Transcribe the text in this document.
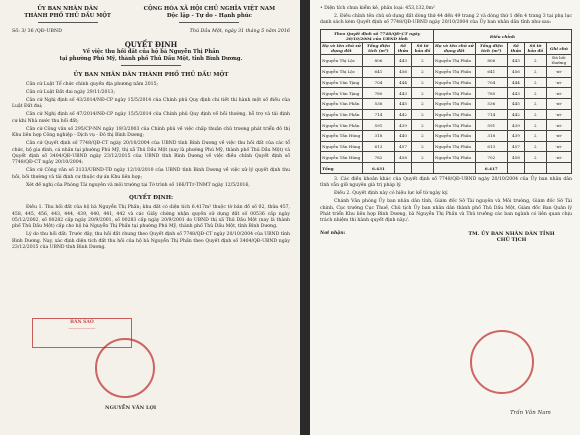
ỦY BAN NHÂN DÂN
THÀNH PHỐ THỦ DẦU MỘT
CỘNG HÒA XÃ HỘI CHỦ NGHĨA VIỆT NAM
Độc lập - Tự do - Hạnh phúc
Số: 3/ 36 /QĐ-UBND	Thủ Dầu Một, ngày 31 tháng 5 năm 2016
QUYẾT ĐỊNH
Về việc thu hồi đất của hộ bà Nguyễn Thị Phấn
tại phường Phú Mỹ, thành phố Thủ Dầu Một, tỉnh Bình Dương.
ỦY BAN NHÂN DÂN THÀNH PHỐ THỦ DẦU MỘT
Căn cứ Luật Tổ chức chính quyền địa phương năm 2015;
Căn cứ Luật Đất đai ngày 29/11/2013;
Căn cứ Nghị định số 43/2014/NĐ-CP ngày 15/5/2014 của Chính phủ Quy định chi tiết thi hành một số điều của Luật Đất đai;
Căn cứ Nghị định số 47/2014/NĐ-CP ngày 15/5/2014 của Chính phủ Quy định về bồi thường, hỗ trợ và tái định cư khi Nhà nước thu hồi đất;
Căn cứ Công văn số 295/CP-NN ngày 19/3/2003 của Chính phủ về việc chấp thuận chủ trương phát triển đô thị Khu liên hợp Công nghiệp - Dịch vụ - Đô thị Bình Dương;
Căn cứ Quyết định số 7748/QĐ-CT ngày 20/10/2004 của UBND tỉnh Bình Dương về việc thu hồi đất của các tổ chức, hộ gia đình, cá nhân tại phường Phú Mỹ, thị xã Thủ Dầu Một (nay là phường Phú Mỹ, thành phố Thủ Dầu Một) và Quyết định số 3404/QĐ-UBND ngày 23/12/2015 của UBND tỉnh Bình Dương về việc điều chỉnh Quyết định số 7748/QĐ-CT ngày 20/10/2004;
Căn cứ Công văn số 3133/UBND-TĐ ngày 12/10/2010 của UBND tỉnh Bình Dương về việc xử lý quyết định thu hồi, bồi thường và tái định cư thuộc dự án Khu liên hợp;
Xét đề nghị của Phòng Tài nguyên và môi trường tại Tờ trình số 166/TTr-TNMT ngày 12/5/2016,
QUYẾT ĐỊNH:
Điều 1. Thu hồi đất của hộ bà Nguyễn Thị Phấn; khu đất có diện tích 6.417m² thuộc tờ bản đồ số 02, thửa 457, 458, 445, 456, 443, 444, 439, 440, 441, 442 và các Giấy chứng nhận quyền sử dụng đất số 00536 cấp ngày 05/12/2002, số 00282 cấp ngày 20/9/2001, số 00283 cấp ngày 20/9/2001 do UBND thị xã Thủ Dầu Một (nay là thành phố Thủ Dầu Một) cấp cho hộ bà Nguyễn Thị Phấn tại phường Phú Mỹ, thành phố Thủ Dầu Một, tỉnh Bình Dương.
Lý do thu hồi đất: Trước đây, thu hồi đất chung theo Quyết định số 7748/QĐ-CT ngày 20/10/2004 của UBND tỉnh Bình Dương. Nay, xác định diện tích đất thu hồi của hộ bà Nguyễn Thị Phấn theo Quyết định số 3404/QĐ-UBND ngày 23/12/2015 của UBND tỉnh Bình Dương.
• Diện tích chưa kiểm kê, phân loại: 453,132,0m²
2. Điều chỉnh tên chủ sử dụng đất dòng thứ 44 đến 49 trang 2 và dòng thứ 1 đến 4 trang 3 tại phụ lục danh sách kèm Quyết định số 7748/QĐ-UBND ngày 20/10/2004 của Ủy ban nhân dân tỉnh như sau:
Theo Quyết định số 7748/QĐ-CT ngày 20/10/2004 của UBND tỉnh				Điều chỉnh				
Họ và tên chủ sử dụng đất	Tổng diện tích (m²)	Số thửa	Số tờ bản đồ	Họ và tên chủ sử dụng đất	Tổng diện tích (m²)	Số thửa	Số tờ bản đồ	Ghi chú
Nguyễn Thị Lộc	806	443	2	Nguyễn Thị Phấn	806	443	2	Đã bồi thường
Nguyễn Thị Lộc	641	456	2	Nguyễn Thị Phấn	641	456	2	-nt-
Nguyễn Văn Tặng	704	444	2	Nguyễn Thị Phấn	704	444	2	-nt-
Nguyễn Văn Tặng	780	443	2	Nguyễn Thị Phấn	780	443	2	-nt-
Nguyễn Văn Phấn	536	445	2	Nguyễn Thị Phấn	536	445	2	-nt-
Nguyễn Văn Phấn	714	442	2	Nguyễn Thị Phấn	714	442	2	-nt-
Nguyễn Văn Phấn	591	439	2	Nguyễn Thị Phấn	591	439	2	-nt-
Nguyễn Tấn Hùng	318	440	2	Nguyễn Thị Phấn	318	439	2	-nt-
Nguyễn Tấn Hùng	613	457	2	Nguyễn Thị Phấn	613	457	2	-nt-
Nguyễn Tấn Hùng	782	458	2	Nguyễn Thị Phấn	702	458	2	-nt-
Tổng	6.431				6.417			
3. Các điều khoản khác của Quyết định số 7748/QĐ-UBND ngày 20/10/2004 của Ủy ban nhân dân tỉnh vẫn giữ nguyên giá trị pháp lý.
Điều 2. Quyết định này có hiệu lực kể từ ngày ký.
Chánh Văn phòng Ủy ban nhân dân tỉnh, Giám đốc Sở Tài nguyên và Môi trường, Giám đốc Sở Tài chính, Cục trưởng Cục Thuế, Chủ tịch Ủy ban nhân dân thành phố Thủ Dầu Một, Giám đốc Ban Quản lý Phát triển Khu liên hợp Bình Dương, bà Nguyễn Thị Phấn và Thủ trưởng các ban ngành có liên quan chịu trách nhiệm thi hành quyết định này./.
Nơi nhận:	TM. ỦY BAN NHÂN DÂN TỈNH
CHỦ TỊCH
BẢN SAO
——————
NGUYỄN VĂN LỢI
Trần Văn Nam
